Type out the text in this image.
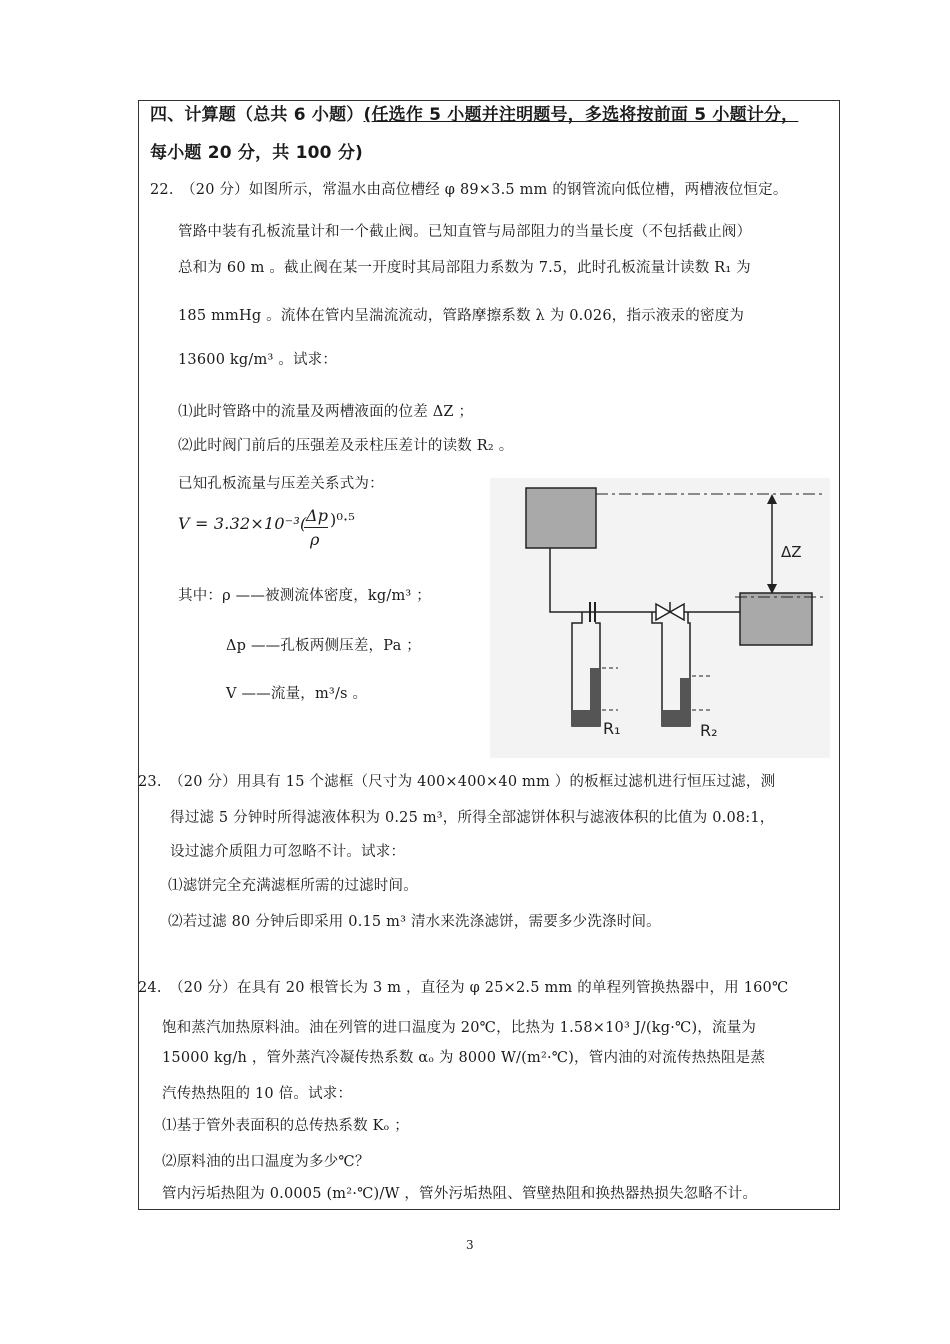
四、计算题（总共 6 小题）(任选作 5 小题并注明题号，多选将按前面 5 小题计分，
每小题 20 分，共 100 分)
22.　（20 分）如图所示，常温水由高位槽经 φ 89×3.5 mm 的钢管流向低位槽，两槽液位恒定。
管路中装有孔板流量计和一个截止阀。已知直管与局部阻力的当量长度（不包括截止阀）
总和为 60 m 。截止阀在某一开度时其局部阻力系数为 7.5，此时孔板流量计读数 R₁ 为
185 mmHg 。流体在管内呈湍流流动，管路摩擦系数 λ 为 0.026，指示液汞的密度为
13600 kg/m³ 。试求：
⑴此时管路中的流量及两槽液面的位差 ΔZ ；
⑵此时阀门前后的压强差及汞柱压差计的读数 R₂ 。
已知孔板流量与压差关系式为：
V = 3.32×10⁻³( Δp
ρ
)⁰·⁵
其中：ρ ——被测流体密度，kg/m³ ；
Δp ——孔板两侧压差，Pa ；
V ——流量，m³/s 。
ΔZ
R₁	R₂
23.　（20 分）用具有 15 个滤框（尺寸为 400×400×40 mm ）的板框过滤机进行恒压过滤，测
得过滤 5 分钟时所得滤液体积为 0.25 m³，所得全部滤饼体积与滤液体积的比值为 0.08:1，
设过滤介质阻力可忽略不计。试求：
⑴滤饼完全充满滤框所需的过滤时间。
⑵若过滤 80 分钟后即采用 0.15 m³ 清水来洗涤滤饼，需要多少洗涤时间。
24.　（20 分）在具有 20 根管长为 3 m ，直径为 φ 25×2.5 mm 的单程列管换热器中，用 160℃
饱和蒸汽加热原料油。油在列管的进口温度为 20℃，比热为 1.58×10³ J/(kg·℃)，流量为
15000 kg/h ，管外蒸汽冷凝传热系数 αₒ 为 8000 W/(m²·℃)，管内油的对流传热热阻是蒸
汽传热热阻的 10 倍。试求：
⑴基于管外表面积的总传热系数 Kₒ ；
⑵原料油的出口温度为多少℃？
管内污垢热阻为 0.0005 (m²·℃)/W ，管外污垢热阻、管壁热阻和换热器热损失忽略不计。
3
